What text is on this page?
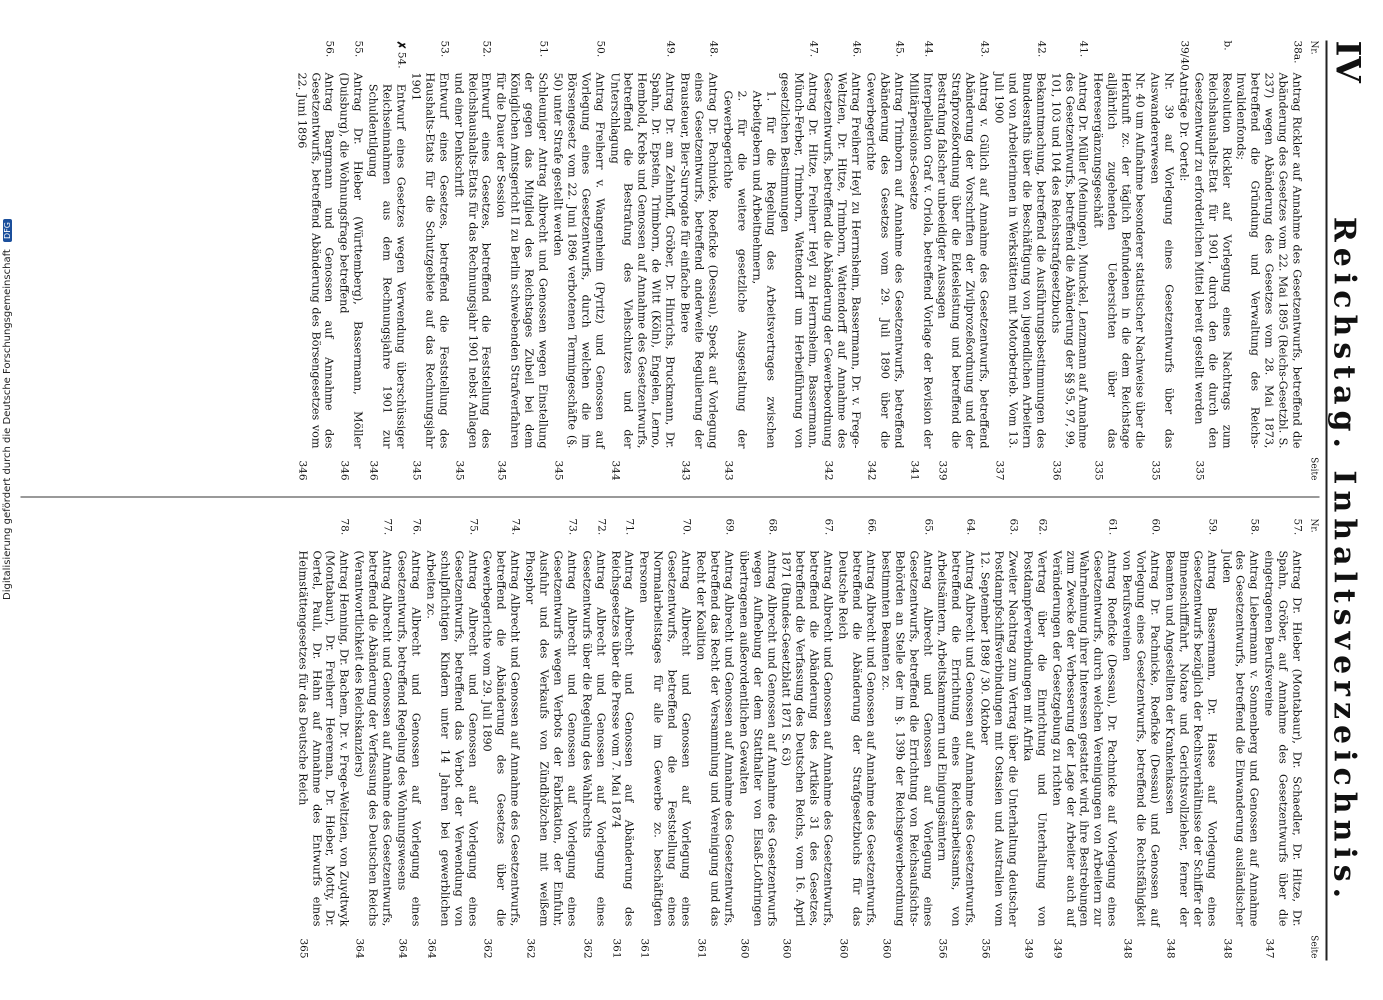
IV
Reichstag. Inhaltsverzeichnis.
Nr.
Seite
38a.
Antrag Rickler auf Annahme des Gesetzentwurfs, betreffend die Abänderung des Gesetzes vom 22. Mai 1895 (Reichs-Gesetzbl. S. 237) wegen Abänderung des Gesetzes vom 28. Mai 1873, betreffend die Gründung und Verwaltung des Reichs-Invalidenfonds;
b.
Resolution Rickler auf Vorlegung eines Nachtrags zum Reichshaushalts-Etat für 1901, durch den die durch den Gesetzentwurf zu erforderlichen Mittel bereit gestellt werden
335
39/40.
Anträge Dr. Oertel:
Nr. 39 auf Vorlegung eines Gesetzentwurfs über das Auswandererwesen
335
Nr. 40 um Aufnahme besonderer statistischer Nachweise über die Herkunft zc. der täglich Befundenen in die dem Reichstage alljährlich zugehenden Uebersichten über das Heeresergänzungsgeschäft
335
41.
Antrag Dr. Müller (Meiningen), Munckel, Lenzmann auf Annahme des Gesetzentwurfs, betreffend die Abänderung der §§ 95, 97, 99, 101, 103 und 104 des Reichsstrafgesetzbuchs
336
42.
Bekanntmachung, betreffend die Ausführungsbestimmungen des Bundesraths über die Beschäftigung von jugendlichen Arbeitern und von Arbeiterinnen in Werkstätten mit Motorbetrieb. Vom 13. Juli 1900
337
43.
Antrag v. Gülich auf Annahme des Gesetzentwurfs, betreffend Abänderung der Vorschriften der Zivilprozeßordnung und der Strafprozeßordnung über die Eidesleistung und betreffend die Bestrafung falscher unbeeidigter Aussagen
339
44.
Interpellation Graf v. Oriola, betreffend Vorlage der Revision der Militärpensions-Gesetze
341
45.
Antrag Trimborn auf Annahme des Gesetzentwurfs, betreffend Abänderung des Gesetzes vom 29. Juli 1890 über die Gewerbegerichte
342
46.
Antrag Freiherr Heyl zu Herrnsheim, Bassermann, Dr. v. Frege-Weltzien, Dr. Hitze, Trimborn, Wattendorff auf Annahme des Gesetzentwurfs, betreffend die Abänderung der Gewerbeordnung
342
47.
Antrag Dr. Hitze, Freiherr Heyl zu Herrnsheim, Bassermann, Münch-Ferber, Trimborn, Wattendorff um Herbeiführung von gesetzlichen Bestimmungen
1. für die Regelung des Arbeitsvertrages zwischen Arbeitgebern und Arbeitnehmern,
2. für die weitere gesetzliche Ausgestaltung der Gewerbegerichte
343
48.
Antrag Dr. Pachnicke, Roeficke (Dessau), Speck auf Vorlegung eines Gesetzentwurfs, betreffend anderweite Regulierung der Brausteuer, Bier-Surrogate für einfache Biere
343
49.
Antrag Dr. am Zehnhoff, Gröber, Dr. Hinrichs, Bruckmann, Dr. Spahn, Dr. Epstein, Trimborn, de Witt (Köln), Engelen, Lerno, Hembold, Krebs und Genossen auf Annahme des Gesetzentwurfs, betreffend die Bestrafung des Viehschutzes und der Unterschlagung
344
50.
Antrag Freiherr v. Wangenheim (Pyritz) und Genossen auf Vorlegung eines Gesetzentwurfs, durch welchen die im Börsengesetz vom 22. Juni 1896 verbotenen Termingeschäfte (§. 50) unter Strafe gestellt werden
345
51.
Schleuniger Antrag Albrecht und Genossen wegen Einstellung der gegen das Mitglied des Reichstages Zubeil bei dem Königlichen Amtsgericht II zu Berlin schwebenden Strafverfahren für die Dauer der Session
345
52.
Entwurf eines Gesetzes, betreffend die Feststellung des Reichshaushalts-Etats für das Rechnungsjahr 1901 nebst Anlagen und einer Denkschrift
345
53.
Entwurf eines Gesetzes, betreffend die Feststellung des Haushalts-Etats für die Schutzgebiete auf das Rechnungsjahr 1901
345
✗
54.
Entwurf eines Gesetzes wegen Verwendung überschüssiger Reichseinnahmen aus dem Rechnungsjahre 1901 zur Schuldentilgung
346
55.
Antrag Dr. Hieber (Württemberg), Bassermann, Möller (Duisburg), die Wohnungsfrage betreffend
346
56.
Antrag Bargmann und Genossen auf Annahme des Gesetzentwurfs, betreffend Abänderung des Börsengesetzes vom 22. Juni 1896
346
Nr.
Seite
57.
Antrag Dr. Hieber (Montabaur), Dr. Schaedler, Dr. Hitze, Dr. Spahn, Gröber, auf Annahme des Gesetzentwurfs über die eingetragenen Berufsvereine
347
58.
Antrag Liebermann v. Sonnenberg und Genossen auf Annahme des Gesetzentwurfs, betreffend die Einwanderung ausländischer Juden
348
59.
Antrag Bassermann, Dr. Hasse auf Vorlegung eines Gesetzentwurfs bezüglich der Rechtsverhältnisse der Schiffer der Binnenschifffahrt, Notare und Gerichtsvollzieher, ferner der Beamten und Angestellten der Krankenkassen
348
60.
Antrag Dr. Pachnicke, Roeficke (Dessau) und Genossen auf Vorlegung eines Gesetzentwurfs, betreffend die Rechtsfähigkeit von Berufsvereinen
348
61.
Antrag Roeficke (Dessau), Dr. Pachnicke auf Vorlegung eines Gesetzentwurfs, durch welchen Vereinigungen von Arbeitern zur Wahrnehmung ihrer Interessen gestattet wird, ihre Bestrebungen zum Zwecke der Verbesserung der Lage der Arbeiter auch auf Veränderungen der Gesetzgebung zu richten
349
62.
Vertrag über die Einrichtung und Unterhaltung von Postdampferverbindungen mit Afrika
349
63.
Zweiter Nachtrag zum Vertrag über die Unterhaltung deutscher Postdampfschiffsverbindungen mit Ostasien und Australien vom 12. September 1898 / 30. Oktober
356
64.
Antrag Albrecht und Genossen auf Annahme des Gesetzentwurfs, betreffend die Errichtung eines Reichsarbeitsamts, von Arbeitsämtern, Arbeitskammern und Einigungsämtern
356
65.
Antrag Albrecht und Genossen auf Vorlegung eines Gesetzentwurfs, betreffend die Errichtung von Reichsaufsichts-Behörden an Stelle der im §. 139b der Reichsgewerbeordnung bestimmten Beamten zc.
360
66.
Antrag Albrecht und Genossen auf Annahme des Gesetzentwurfs, betreffend die Abänderung der Strafgesetzbuchs für das Deutsche Reich
360
67.
Antrag Albrecht und Genossen auf Annahme des Gesetzentwurfs, betreffend die Abänderung des Artikels 31 des Gesetzes, betreffend die Verfassung des Deutschen Reichs, vom 16. April 1871 (Bundes-Gesetzblatt 1871 S. 63)
360
68.
Antrag Albrecht und Genossen auf Annahme des Gesetzentwurfs wegen Aufhebung der dem Statthalter von Elsaß-Lothringen übertragenen außerordentlichen Gewalten
360
69.
Antrag Albrecht und Genossen auf Annahme des Gesetzentwurfs, betreffend das Recht der Versammlung und Vereinigung und das Recht der Koalition
361
70.
Antrag Albrecht und Genossen auf Vorlegung eines Gesetzentwurfs, betreffend die Feststellung eines Normalarbeitstages für alle im Gewerbe zc. beschäftigten Personen
361
71.
Antrag Albrecht und Genossen auf Abänderung des Reichsgesetzes über die Presse vom 7. Mai 1874
361
72.
Antrag Albrecht und Genossen auf Vorlegung eines Gesetzentwurfs über die Regelung des Wahlrechts
362
73.
Antrag Albrecht und Genossen auf Vorlegung eines Gesetzentwurfs wegen Verbots der Fabrikation, der Einfuhr, Ausfuhr und des Verkaufs von Zündhölzchen mit weißem Phosphor
362
74.
Antrag Albrecht und Genossen auf Annahme des Gesetzentwurfs, betreffend die Abänderung des Gesetzes über die Gewerbegerichte vom 29. Juli 1890
362
75.
Antrag Albrecht und Genossen auf Vorlegung eines Gesetzentwurfs, betreffend das Verbot der Verwendung von schulpflichtigen Kindern unter 14 Jahren bei gewerblichen Arbeiten zc.
364
76.
Antrag Albrecht und Genossen auf Vorlegung eines Gesetzentwurfs, betreffend Regelung des Wohnungswesens
364
77.
Antrag Albrecht und Genossen auf Annahme des Gesetzentwurfs, betreffend die Abänderung der Verfassung des Deutschen Reichs (Verantwortlichkeit des Reichskanzlers)
364
78.
Antrag Henning, Dr. Bachem, Dr. v. Frege-Weltzien, von Zuydtwyk (Montabaur), Dr. Freiherr Heereman, Dr. Hieber, Motty, Dr. Oertel, Pauli, Dr. Hahn auf Annahme des Entwurfs eines Heimstättengesetzes für das Deutsche Reich
365
Digitalisierung gefördert durch die Deutsche Forschungsgemeinschaft DFG
